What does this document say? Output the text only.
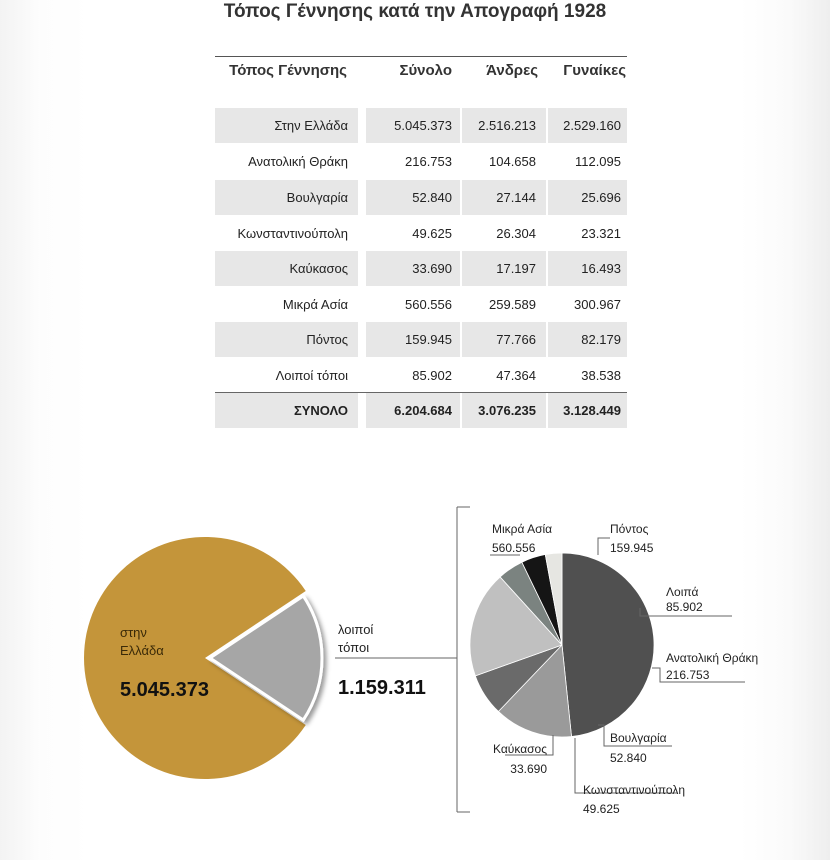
Τόπος Γέννησης κατά την Απογραφή 1928
Τόπος Γέννησης	Σύνολο	Άνδρες	Γυναίκες
Στην Ελλάδα	5.045.373	2.516.213	2.529.160
Ανατολική Θράκη	216.753	104.658	112.095
Βουλγαρία	52.840	27.144	25.696
Κωνσταντινούπολη	49.625	26.304	23.321
Καύκασος	33.690	17.197	16.493
Μικρά Ασία	560.556	259.589	300.967
Πόντος	159.945	77.766	82.179
Λοιποί τόποι	85.902	47.364	38.538
ΣΥΝΟΛΟ	6.204.684	3.076.235	3.128.449
στην
Ελλάδα
5.045.373
λοιποί
τόποι
1.159.311
Μικρά Ασία
560.556
Πόντος
159.945
Λοιπά
85.902
Ανατολική Θράκη
216.753
Βουλγαρία
52.840
Κωνσταντινούπολη
49.625
Καύκασος
33.690
